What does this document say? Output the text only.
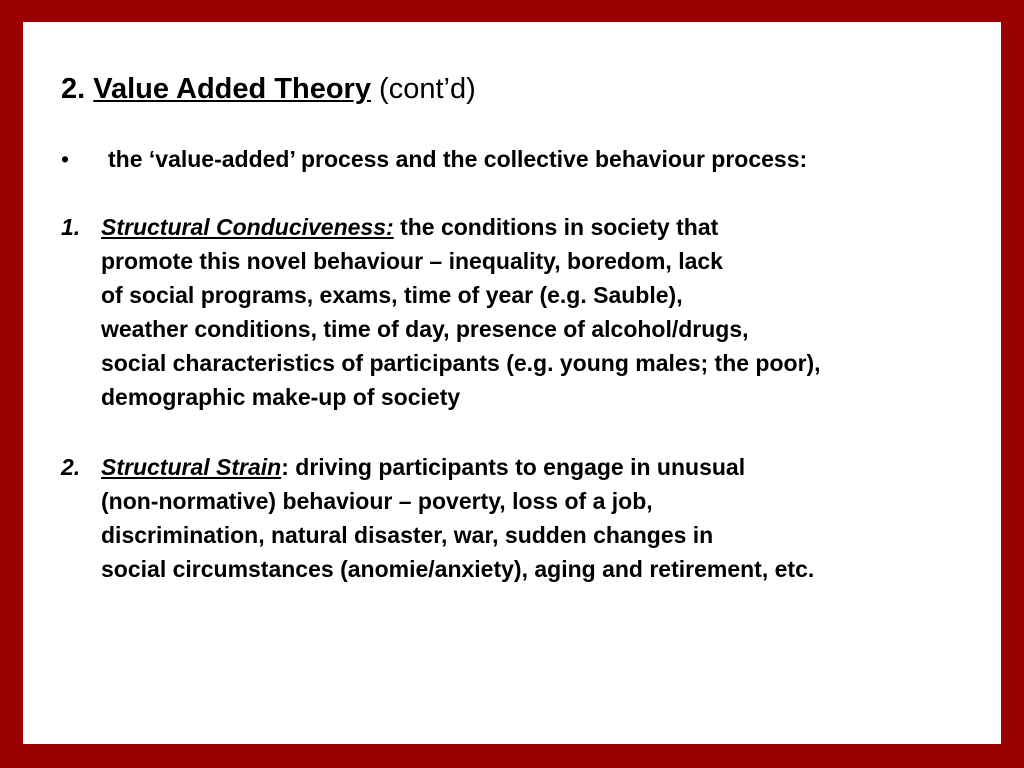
2. Value Added Theory (cont’d)
• the ‘value-added’ process and the collective behaviour process:
1. Structural Conduciveness: the conditions in society that
promote this novel behaviour – inequality, boredom, lack
of social programs, exams, time of year (e.g. Sauble),
weather conditions, time of day, presence of alcohol/drugs,
social characteristics of participants (e.g. young males; the poor),
demographic make-up of society
2. Structural Strain: driving participants to engage in unusual
(non-normative) behaviour – poverty, loss of a job,
discrimination, natural disaster, war, sudden changes in
social circumstances (anomie/anxiety), aging and retirement, etc.
